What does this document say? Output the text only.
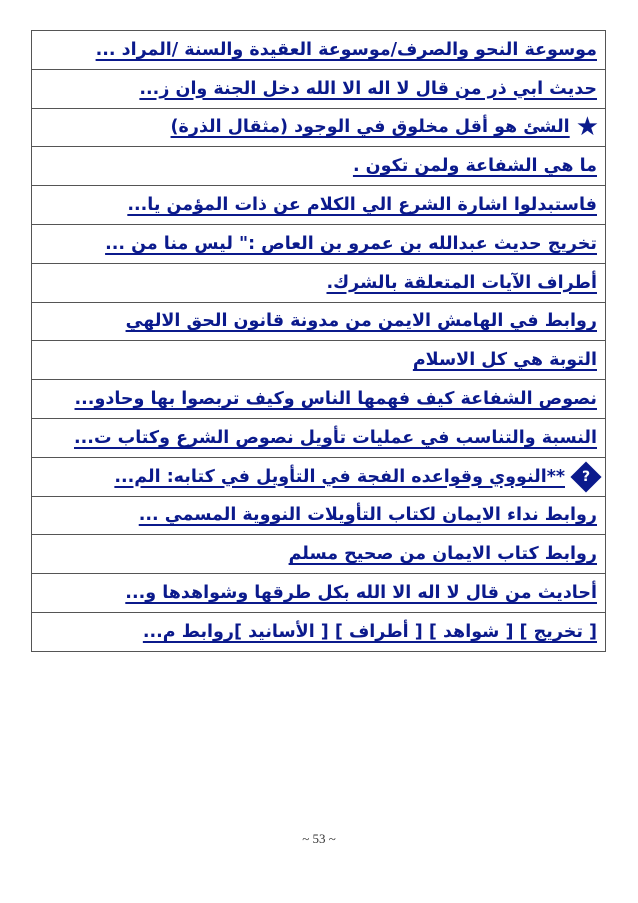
موسوعة النحو والصرف/موسوعة العقيدة والسنة /المراد ...
حديث ابي ذر من قال لا اله الا الله دخل الجنة وان ز...
★
الشئ هو أقل مخلوق في الوجود (مثقال الذرة)
ما هي الشفاعة ولمن تكون .
فاستبدلوا اشارة الشرع الي الكلام عن ذات المؤمن يا...
تخريج حديث عبدالله بن عمرو بن العاص :" ليس منا من ...
أطراف الآيات المتعلقة بالشرك.
روابط في الهامش الايمن من مدونة قانون الحق الالهي
التوبة هي كل الاسلام
نصوص الشفاعة كيف فهمها الناس وكيف تربصوا بها وحادو...
النسبة والتناسب في عمليات تأويل نصوص الشرع وكتاب ت...
?
**النووي وقواعده الفجة في التأويل في كتابه: الم...
روابط نداء الايمان لكتاب التأويلات النووية المسمي ...
روابط كتاب الايمان من صحيح مسلم
أحاديث من قال لا اله الا الله بكل طرقها وشواهدها و...
[ تخريج ] [ شواهد ] [ أطراف ] [ الأسانيد ]روابط م...
~ 53 ~
